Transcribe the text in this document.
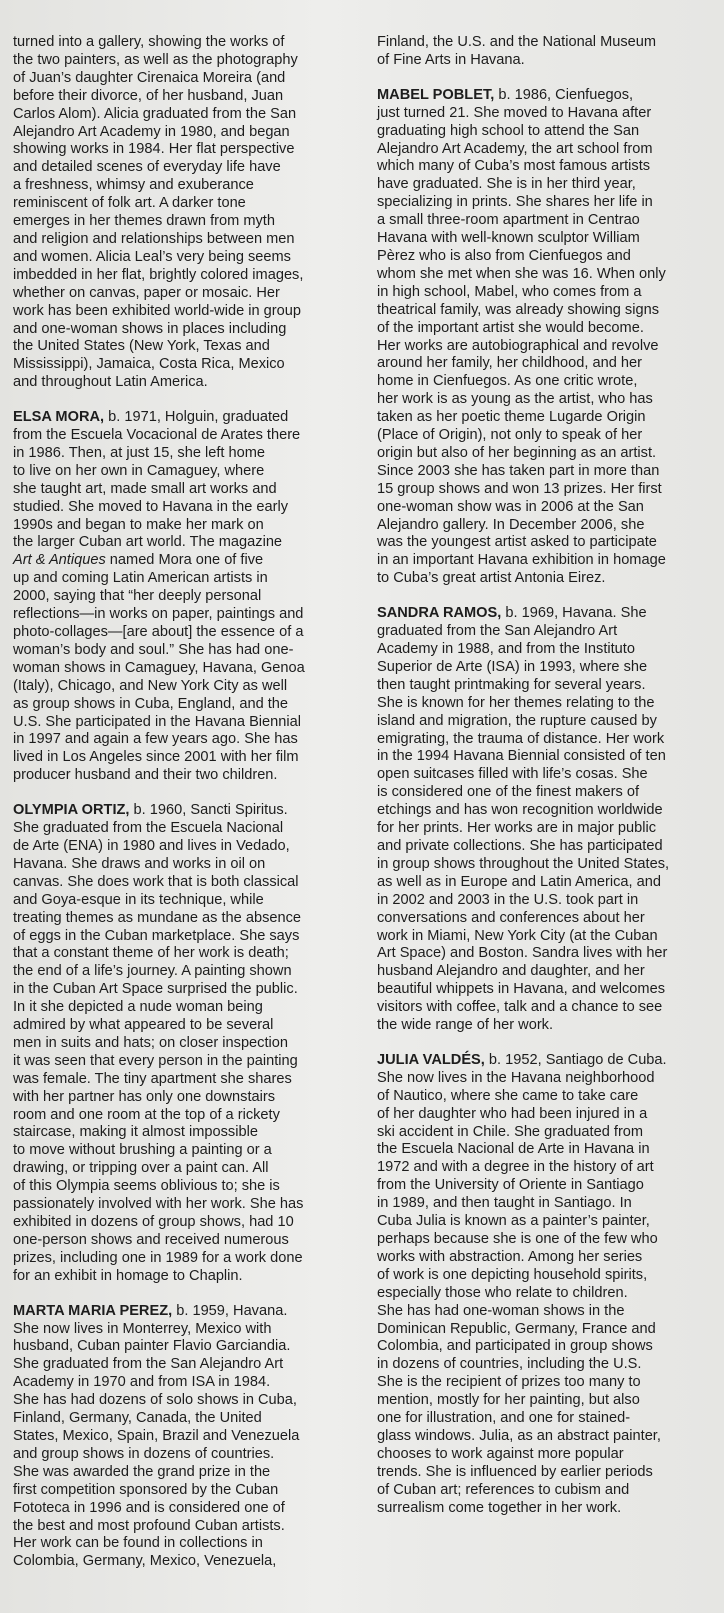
turned into a gallery, showing the works of
the two painters, as well as the photography
of Juan’s daughter Cirenaica Moreira (and
before their divorce, of her husband, Juan
Carlos Alom). Alicia graduated from the San
Alejandro Art Academy in 1980, and began
showing works in 1984. Her flat perspective
and detailed scenes of everyday life have
a freshness, whimsy and exuberance
reminiscent of folk art. A darker tone
emerges in her themes drawn from myth
and religion and relationships between men
and women. Alicia Leal’s very being seems
imbedded in her flat, brightly colored images,
whether on canvas, paper or mosaic. Her
work has been exhibited world-wide in group
and one-woman shows in places including
the United States (New York, Texas and
Mississippi), Jamaica, Costa Rica, Mexico
and throughout Latin America.

ELSA MORA, b. 1971, Holguin, graduated
from the Escuela Vocacional de Arates there
in 1986. Then, at just 15, she left home
to live on her own in Camaguey, where
she taught art, made small art works and
studied. She moved to Havana in the early
1990s and began to make her mark on
the larger Cuban art world. The magazine
Art & Antiques named Mora one of five
up and coming Latin American artists in
2000, saying that “her deeply personal
reflections—in works on paper, paintings and
photo-collages—[are about] the essence of a
woman’s body and soul.” She has had one-
woman shows in Camaguey, Havana, Genoa
(Italy), Chicago, and New York City as well
as group shows in Cuba, England, and the
U.S. She participated in the Havana Biennial
in 1997 and again a few years ago. She has
lived in Los Angeles since 2001 with her film
producer husband and their two children.

OLYMPIA ORTIZ, b. 1960, Sancti Spiritus.
She graduated from the Escuela Nacional
de Arte (ENA) in 1980 and lives in Vedado,
Havana. She draws and works in oil on
canvas. She does work that is both classical
and Goya-esque in its technique, while
treating themes as mundane as the absence
of eggs in the Cuban marketplace. She says
that a constant theme of her work is death;
the end of a life’s journey. A painting shown
in the Cuban Art Space surprised the public.
In it she depicted a nude woman being
admired by what appeared to be several
men in suits and hats; on closer inspection
it was seen that every person in the painting
was female. The tiny apartment she shares
with her partner has only one downstairs
room and one room at the top of a rickety
staircase, making it almost impossible
to move without brushing a painting or a
drawing, or tripping over a paint can. All
of this Olympia seems oblivious to; she is
passionately involved with her work. She has
exhibited in dozens of group shows, had 10
one-person shows and received numerous
prizes, including one in 1989 for a work done
for an exhibit in homage to Chaplin.

MARTA MARIA PEREZ, b. 1959, Havana.
She now lives in Monterrey, Mexico with
husband, Cuban painter Flavio Garciandia.
She graduated from the San Alejandro Art
Academy in 1970 and from ISA in 1984.
She has had dozens of solo shows in Cuba,
Finland, Germany, Canada, the United
States, Mexico, Spain, Brazil and Venezuela
and group shows in dozens of countries.
She was awarded the grand prize in the
first competition sponsored by the Cuban
Fototeca in 1996 and is considered one of
the best and most profound Cuban artists.
Her work can be found in collections in
Colombia, Germany, Mexico, Venezuela,

Finland, the U.S. and the National Museum
of Fine Arts in Havana.

MABEL POBLET, b. 1986, Cienfuegos,
just turned 21. She moved to Havana after
graduating high school to attend the San
Alejandro Art Academy, the art school from
which many of Cuba’s most famous artists
have graduated. She is in her third year,
specializing in prints. She shares her life in
a small three-room apartment in Centrao
Havana with well-known sculptor William
Pèrez who is also from Cienfuegos and
whom she met when she was 16. When only
in high school, Mabel, who comes from a
theatrical family, was already showing signs
of the important artist she would become.
Her works are autobiographical and revolve
around her family, her childhood, and her
home in Cienfuegos. As one critic wrote,
her work is as young as the artist, who has
taken as her poetic theme Lugarde Origin
(Place of Origin), not only to speak of her
origin but also of her beginning as an artist.
Since 2003 she has taken part in more than
15 group shows and won 13 prizes. Her first
one-woman show was in 2006 at the San
Alejandro gallery. In December 2006, she
was the youngest artist asked to participate
in an important Havana exhibition in homage
to Cuba’s great artist Antonia Eirez.

SANDRA RAMOS, b. 1969, Havana. She
graduated from the San Alejandro Art
Academy in 1988, and from the Instituto
Superior de Arte (ISA) in 1993, where she
then taught printmaking for several years.
She is known for her themes relating to the
island and migration, the rupture caused by
emigrating, the trauma of distance. Her work
in the 1994 Havana Biennial consisted of ten
open suitcases filled with life’s cosas. She
is considered one of the finest makers of
etchings and has won recognition worldwide
for her prints. Her works are in major public
and private collections. She has participated
in group shows throughout the United States,
as well as in Europe and Latin America, and
in 2002 and 2003 in the U.S. took part in
conversations and conferences about her
work in Miami, New York City (at the Cuban
Art Space) and Boston. Sandra lives with her
husband Alejandro and daughter, and her
beautiful whippets in Havana, and welcomes
visitors with coffee, talk and a chance to see
the wide range of her work.

JULIA VALDÉS, b. 1952, Santiago de Cuba.
She now lives in the Havana neighborhood
of Nautico, where she came to take care
of her daughter who had been injured in a
ski accident in Chile. She graduated from
the Escuela Nacional de Arte in Havana in
1972 and with a degree in the history of art
from the University of Oriente in Santiago
in 1989, and then taught in Santiago. In
Cuba Julia is known as a painter’s painter,
perhaps because she is one of the few who
works with abstraction. Among her series
of work is one depicting household spirits,
especially those who relate to children.
She has had one-woman shows in the
Dominican Republic, Germany, France and
Colombia, and participated in group shows
in dozens of countries, including the U.S.
She is the recipient of prizes too many to
mention, mostly for her painting, but also
one for illustration, and one for stained-
glass windows. Julia, as an abstract painter,
chooses to work against more popular
trends. She is influenced by earlier periods
of Cuban art; references to cubism and
surrealism come together in her work.
